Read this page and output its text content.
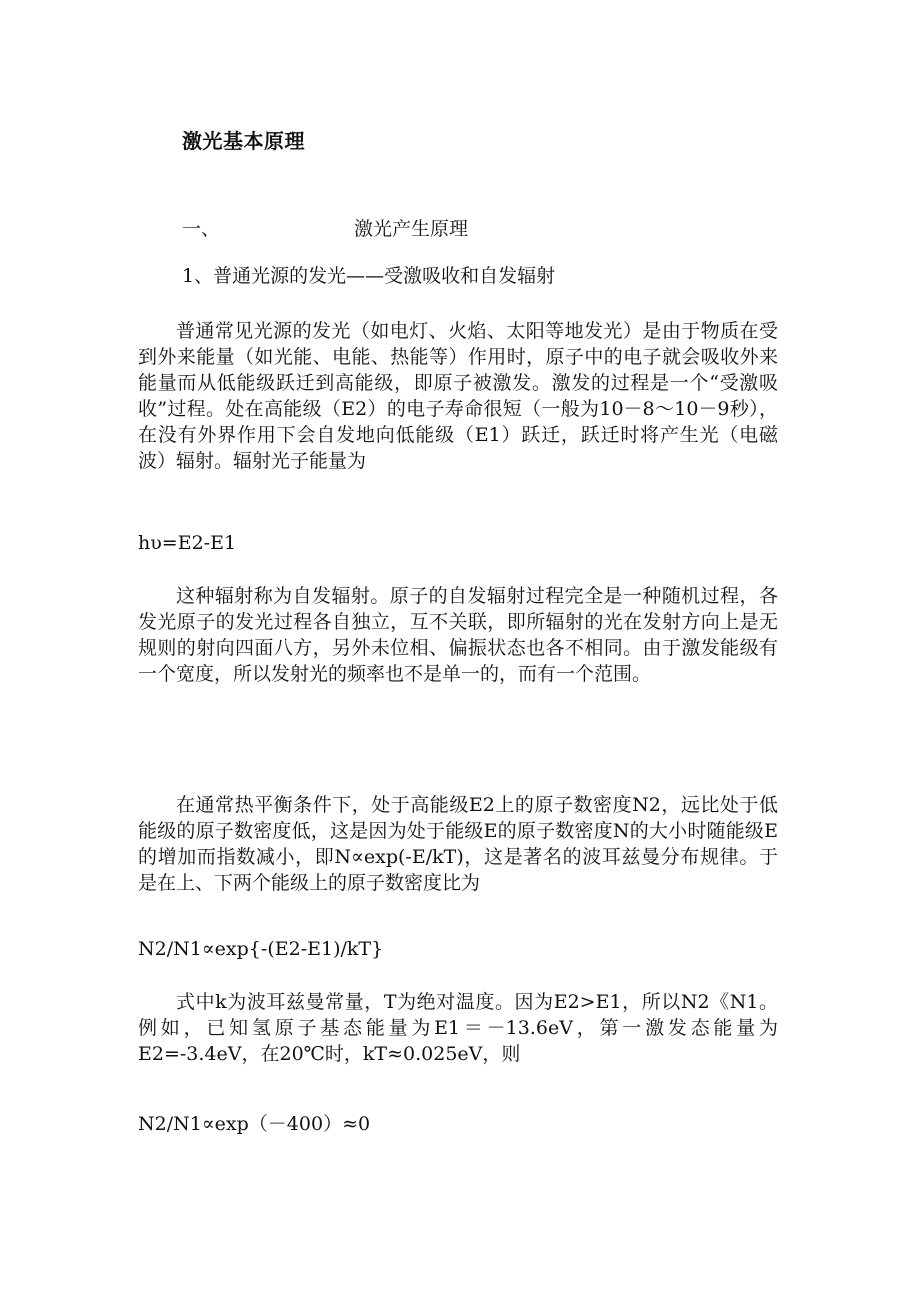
激光基本原理
一、	激光产生原理
1、普通光源的发光——受激吸收和自发辐射

普通常见光源的发光（如电灯、火焰、太阳等地发光）是由于物质在受到外来能量（如光能、电能、热能等）作用时，原子中的电子就会吸收外来能量而从低能级跃迁到高能级，即原子被激发。激发的过程是一个“受激吸收”过程。处在高能级（E2）的电子寿命很短（一般为10－8～10－9秒），在没有外界作用下会自发地向低能级（E1）跃迁，跃迁时将产生光（电磁波）辐射。辐射光子能量为

hυ=E2-E1

这种辐射称为自发辐射。原子的自发辐射过程完全是一种随机过程，各发光原子的发光过程各自独立，互不关联，即所辐射的光在发射方向上是无规则的射向四面八方，另外未位相、偏振状态也各不相同。由于激发能级有一个宽度，所以发射光的频率也不是单一的，而有一个范围。

在通常热平衡条件下，处于高能级E2上的原子数密度N2，远比处于低能级的原子数密度低，这是因为处于能级E的原子数密度N的大小时随能级E的增加而指数减小，即N∝exp(-E/kT)，这是著名的波耳兹曼分布规律。于是在上、下两个能级上的原子数密度比为

N2/N1∝exp{-(E2-E1)/kT}

式中k为波耳兹曼常量，T为绝对温度。因为E2>E1，所以N2《N1。例如，已知氢原子基态能量为E1＝－13.6eV，第一激发态能量为E2=-3.4eV，在20℃时，kT≈0.025eV，则

N2/N1∝exp（－400）≈0
